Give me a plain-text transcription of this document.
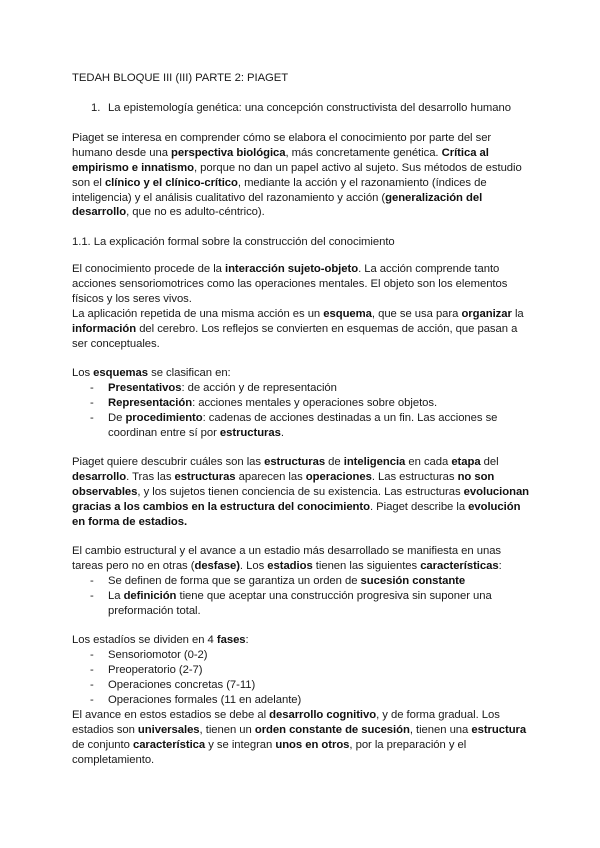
TEDAH BLOQUE III (III) PARTE 2: PIAGET
1. La epistemología genética: una concepción constructivista del desarrollo humano
Piaget se interesa en comprender cómo se elabora el conocimiento por parte del ser
humano desde una perspectiva biológica, más concretamente genética. Crítica al
empirismo e innatismo, porque no dan un papel activo al sujeto. Sus métodos de estudio
son el clínico y el clínico-crítico, mediante la acción y el razonamiento (índices de
inteligencia) y el análisis cualitativo del razonamiento y acción (generalización del
desarrollo, que no es adulto-céntrico).
1.1. La explicación formal sobre la construcción del conocimiento
El conocimiento procede de la interacción sujeto-objeto. La acción comprende tanto
acciones sensoriomotrices como las operaciones mentales. El objeto son los elementos
físicos y los seres vivos.
La aplicación repetida de una misma acción es un esquema, que se usa para organizar la
información del cerebro. Los reflejos se convierten en esquemas de acción, que pasan a
ser conceptuales.
Los esquemas se clasifican en:
- Presentativos: de acción y de representación
- Representación: acciones mentales y operaciones sobre objetos.
- De procedimiento: cadenas de acciones destinadas a un fin. Las acciones se
coordinan entre sí por estructuras.
Piaget quiere descubrir cuáles son las estructuras de inteligencia en cada etapa del
desarrollo. Tras las estructuras aparecen las operaciones. Las estructuras no son
observables, y los sujetos tienen conciencia de su existencia. Las estructuras evolucionan
gracias a los cambios en la estructura del conocimiento. Piaget describe la evolución
en forma de estadios.
El cambio estructural y el avance a un estadio más desarrollado se manifiesta en unas
tareas pero no en otras (desfase). Los estadios tienen las siguientes características:
- Se definen de forma que se garantiza un orden de sucesión constante
- La definición tiene que aceptar una construcción progresiva sin suponer una
preformación total.
Los estadíos se dividen en 4 fases:
- Sensoriomotor (0-2)
- Preoperatorio (2-7)
- Operaciones concretas (7-11)
- Operaciones formales (11 en adelante)
El avance en estos estadios se debe al desarrollo cognitivo, y de forma gradual. Los
estadios son universales, tienen un orden constante de sucesión, tienen una estructura
de conjunto característica y se integran unos en otros, por la preparación y el
completamiento.
